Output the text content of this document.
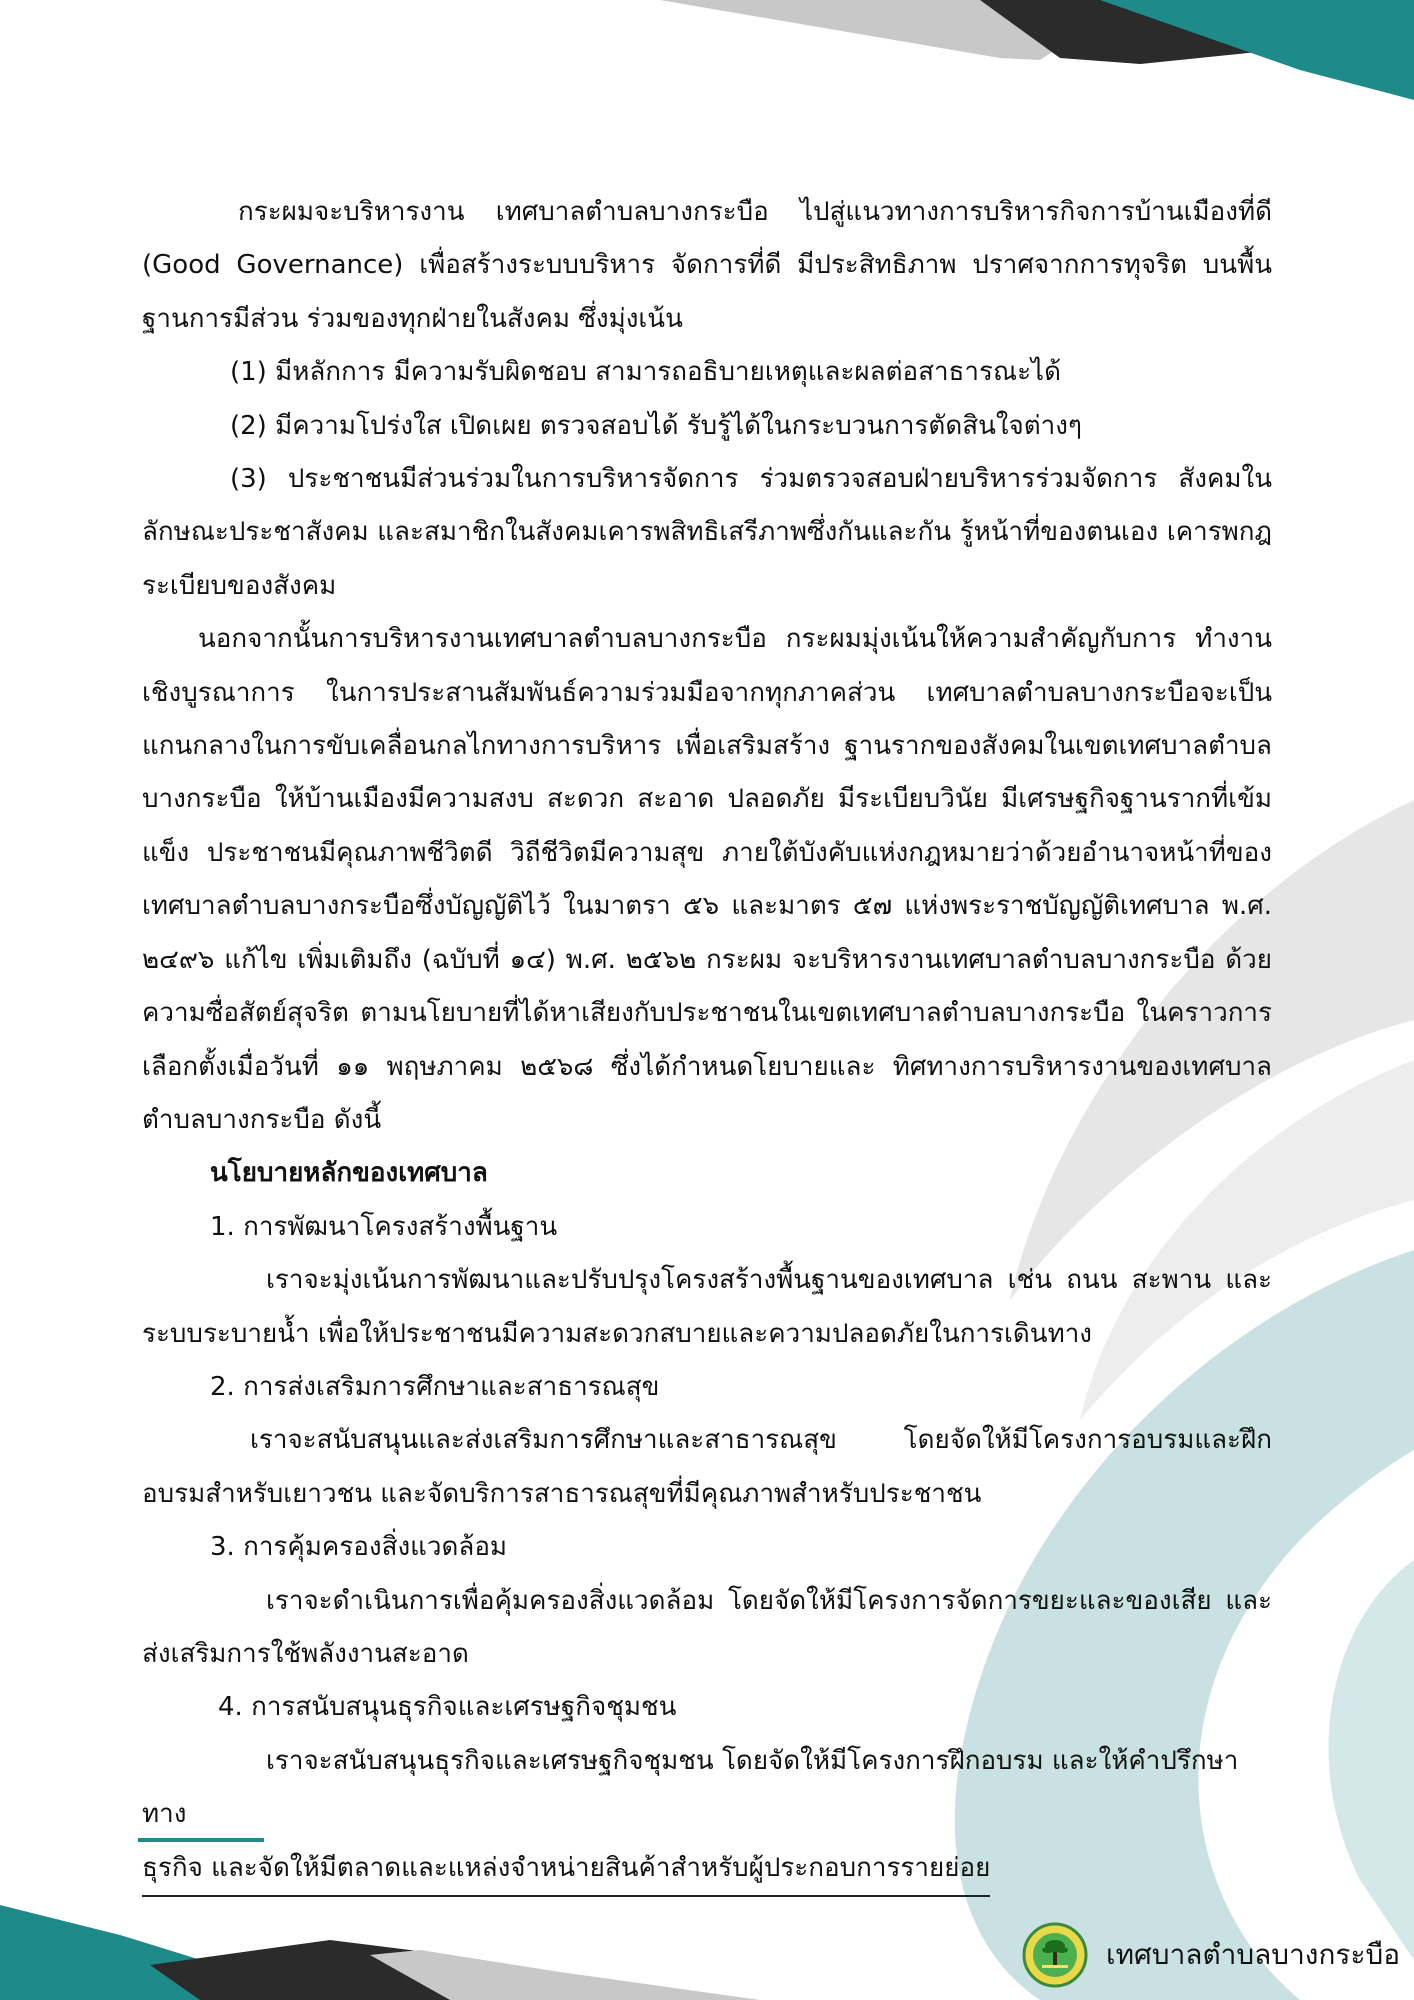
กระผมจะบริหารงาน เทศบาลตำบลบางกระบือ ไปสู่แนวทางการบริหารกิจการบ้านเมืองที่ดี (Good Governance) เพื่อสร้างระบบบริหาร จัดการที่ดี มีประสิทธิภาพ ปราศจากการทุจริต บนพื้นฐานการมีส่วน ร่วมของทุกฝ่ายในสังคม ซึ่งมุ่งเน้น

(1) มีหลักการ มีความรับผิดชอบ สามารถอธิบายเหตุและผลต่อสาธารณะได้

(2) มีความโปร่งใส เปิดเผย ตรวจสอบได้ รับรู้ได้ในกระบวนการตัดสินใจต่างๆ

(3) ประชาชนมีส่วนร่วมในการบริหารจัดการ ร่วมตรวจสอบฝ่ายบริหารร่วมจัดการ สังคมในลักษณะประชาสังคม และสมาชิกในสังคมเคารพสิทธิเสรีภาพซึ่งกันและกัน รู้หน้าที่ของตนเอง เคารพกฎระเบียบของสังคม

นอกจากนั้นการบริหารงานเทศบาลตำบลบางกระบือ กระผมมุ่งเน้นให้ความสำคัญกับการ ทำงานเชิงบูรณาการ ในการประสานสัมพันธ์ความร่วมมือจากทุกภาคส่วน เทศบาลตำบลบางกระบือจะเป็นแกนกลางในการขับเคลื่อนกลไกทางการบริหาร เพื่อเสริมสร้าง ฐานรากของสังคมในเขตเทศบาลตำบลบางกระบือ ให้บ้านเมืองมีความสงบ สะดวก สะอาด ปลอดภัย มีระเบียบวินัย มีเศรษฐกิจฐานรากที่เข้มแข็ง ประชาชนมีคุณภาพชีวิตดี วิถีชีวิตมีความสุข ภายใต้บังคับแห่งกฎหมายว่าด้วยอำนาจหน้าที่ของเทศบาลตำบลบางกระบือซึ่งบัญญัติไว้ ในมาตรา ๕๖ และมาตร ๕๗ แห่งพระราชบัญญัติเทศบาล พ.ศ. ๒๔๙๖ แก้ไข เพิ่มเติมถึง (ฉบับที่ ๑๔) พ.ศ. ๒๕๖๒ กระผม จะบริหารงานเทศบาลตำบลบางกระบือ ด้วยความซื่อสัตย์สุจริต ตามนโยบายที่ได้หาเสียงกับประชาชนในเขตเทศบาลตำบลบางกระบือ ในคราวการเลือกตั้งเมื่อวันที่ ๑๑ พฤษภาคม ๒๕๖๘ ซึ่งได้กำหนดโยบายและ ทิศทางการบริหารงานของเทศบาลตำบลบางกระบือ ดังนี้

นโยบายหลักของเทศบาล

1. การพัฒนาโครงสร้างพื้นฐาน

เราจะมุ่งเน้นการพัฒนาและปรับปรุงโครงสร้างพื้นฐานของเทศบาล เช่น ถนน สะพาน และระบบระบายน้ำ เพื่อให้ประชาชนมีความสะดวกสบายและความปลอดภัยในการเดินทาง

2. การส่งเสริมการศึกษาและสาธารณสุข

เราจะสนับสนุนและส่งเสริมการศึกษาและสาธารณสุข โดยจัดให้มีโครงการอบรมและฝึกอบรมสำหรับเยาวชน และจัดบริการสาธารณสุขที่มีคุณภาพสำหรับประชาชน

3. การคุ้มครองสิ่งแวดล้อม

เราจะดำเนินการเพื่อคุ้มครองสิ่งแวดล้อม โดยจัดให้มีโครงการจัดการขยะและของเสีย และส่งเสริมการใช้พลังงานสะอาด

4. การสนับสนุนธุรกิจและเศรษฐกิจชุมชน

เราจะสนับสนุนธุรกิจและเศรษฐกิจชุมชน โดยจัดให้มีโครงการฝึกอบรม และให้คำปรึกษาทาง

ธุรกิจ และจัดให้มีตลาดและแหล่งจำหน่ายสินค้าสำหรับผู้ประกอบการรายย่อย

เทศบาลตำบลบางกระบือ
